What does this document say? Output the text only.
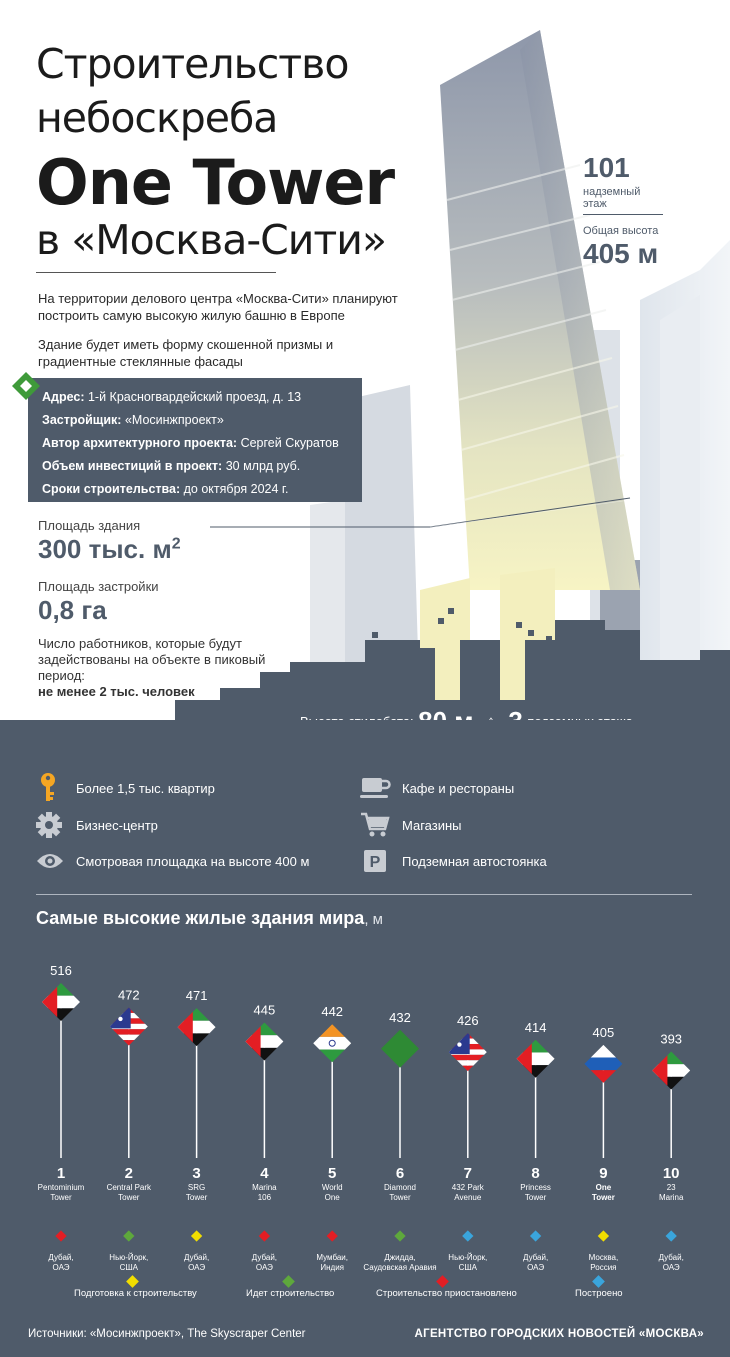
Строительство
небоскреба
One Tower
в «Москва-Сити»
На территории делового центра «Москва-Сити» планируют построить самую высокую жилую башню в Европе
Здание будет иметь форму скошенной призмы и градиентные стеклянные фасады
Адрес: 1-й Красногвардейский проезд, д. 13
Застройщик: «Мосинжпроект»
Автор архитектурного проекта: Сергей Скуратов
Объем инвестиций в проект: 30 млрд руб.
Сроки строительства: до октября 2024 г.
Площадь здания
300 тыс. $м^2$
Площадь застройки
0,8 га
Число работников, которые будут задействованы на объекте в пиковый период:
не менее 2 тыс. человек
101
надземный
этаж
Общая высота
405 м
Более 1,5 тыс. квартир
Бизнес-центр
Смотровая площадка на высоте 400 м
Кафе и рестораны
Магазины
P Подземная автостоянка
Самые высокие жилые здания мира, м
516
1
Pentominium
Tower
Дубай,
ОАЭ
472
2
Central Park
Tower
Нью-Йорк,
США
471
3
SRG
Tower
Дубай,
ОАЭ
445
4
Marina
106
Дубай,
ОАЭ
442
5
World
One
Мумбаи,
Индия
432
6
Diamond
Tower
Джидда,
Саудовская Аравия
426
7
432 Park
Avenue
Нью-Йорк,
США
414
8
Princess
Tower
Дубай,
ОАЭ
405
9
One
Tower
Москва,
Россия
393
10
23
Marina
Дубай,
ОАЭ
Подготовка к строительству	Идет строительство	Строительство приостановлено	Построено
Источники: «Мосинжпроект», The Skyscraper Center	АГЕНТСТВО ГОРОДСКИХ НОВОСТЕЙ «МОСКВА»
